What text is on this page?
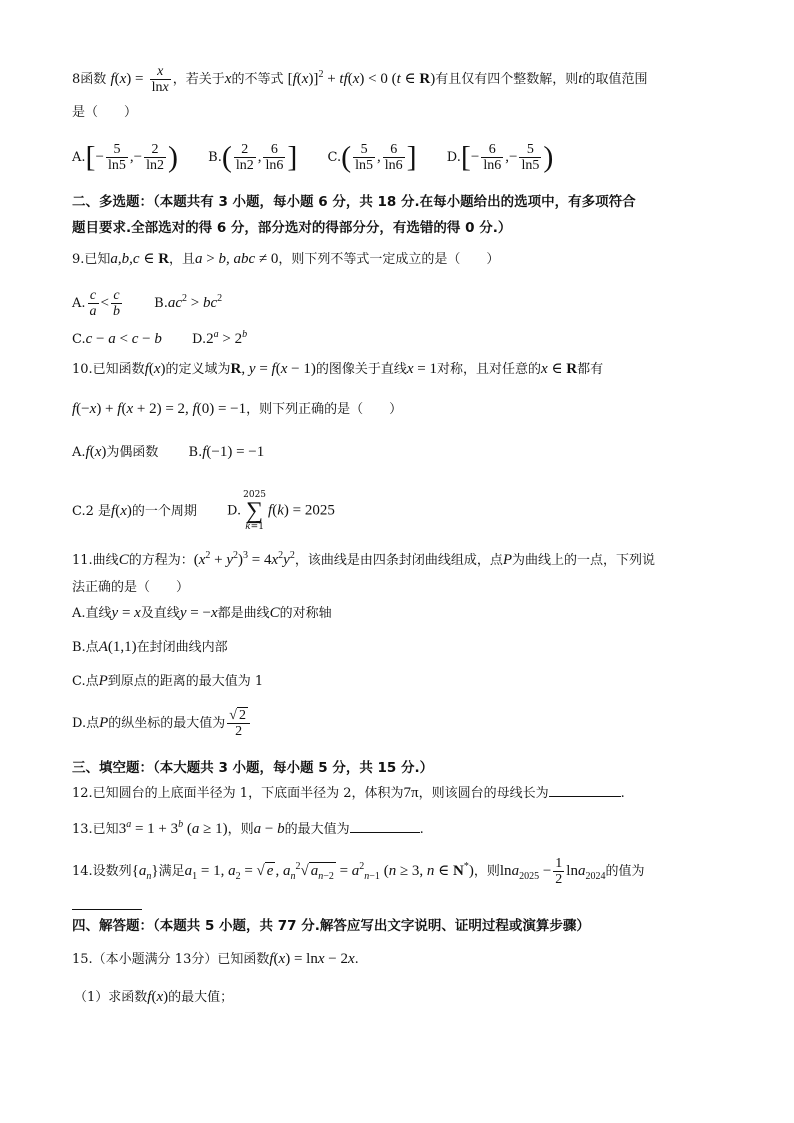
8函数 $f(x) = \frac{x}{\ln x}$ ，若关于x的不等式 $[f(x)]^2 + tf(x) < 0$ (t ∈ R)有且仅有四个整数解，则t的取值范围
是（　　）
$A.[- \frac{5}{\ln 5}$ ,− $\frac{2}{\ln 2}$ ) $B.( \frac{2}{\ln 2}$ , $\frac{6}{\ln 6}$ ] $C.( \frac{5}{\ln 5}$ , $\frac{6}{\ln 6}$ ] $D.[- \frac{6}{\ln 6}$ ,− $\frac{5}{\ln 5}$ )
二、多选题：（本题共有 3 小题，每小题 6 分，共 18 分.在每小题给出的选项中，有多项符合
题目要求.全部选对的得 6 分，部分选对的得部分分，有选错的得 0 分.）
9.已知a,b,c ∈ R，且a > b, abc ≠ 0，则下列不等式一定成立的是（　　）
A. $\frac{c}{a} < \frac{c}{b} B.ac^2 > bc^2$
C.c − a < c − b $D.2^a > 2^b$
10.已知函数f(x)的定义域为R, y = f(x − 1)的图像关于直线x = 1对称，且对任意的x ∈ R都有
f(−x) + f(x + 2) = 2, f(0) = −1，则下列正确的是（　　）
A.f(x)为偶函数 B.f(−1) = −1
C.2 是f(x)的一个周期 D.
2025
∑
k=1
f(k) = 2025
11.曲线C的方程为：$(x^2 + y^2)^3 = 4x^2y^2$，该曲线是由四条封闭曲线组成，点P为曲线上的一点，下列说
法正确的是（　　）
A.直线y = x及直线y = −x都是曲线C的对称轴
B.点A(1,1)在封闭曲线内部
C.点P到原点的距离的最大值为 1
D.点P的纵坐标的最大值为 $\frac{√ 2}{2}$
三、填空题：（本大题共 3 小题，每小题 5 分，共 15 分.）
12.已知圆台的上底面半径为 1，下底面半径为 2，体积为7π，则该圆台的母线长为	.
13.已知$3^a = 1 + 3^b$ (a ≥ 1)，则a − b的最大值为	.
14.设数列$\{a_n\}$满足$a_1 = 1$, $a_2$ = √ e , $a_n^2√$ $a_{n-2} = a^2_{n-1}$ (n ≥ 3, n ∈ N*)，则$\ln a_{2025} - \frac{1}{2} \ln a_{2024}$的值为
四、解答题：（本题共 5 小题，共 77 分.解答应写出文字说明、证明过程或演算步骤）
15.（本小题满分 13分）已知函数f(x) = lnx − 2x.
（1）求函数f(x)的最大值；
